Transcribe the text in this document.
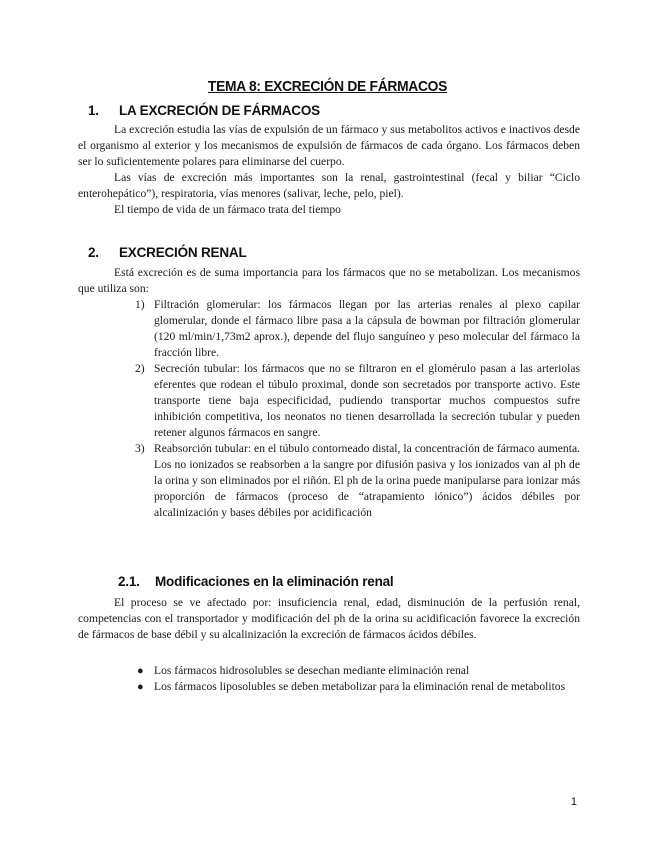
TEMA 8: EXCRECIÓN DE FÁRMACOS
1.	LA EXCRECIÓN DE FÁRMACOS

La excreción estudia las vías de expulsión de un fármaco y sus metabolitos activos e inactivos desde el organismo al exterior y los mecanismos de expulsión de fármacos de cada órgano. Los fármacos deben ser lo suficientemente polares para eliminarse del cuerpo.

Las vías de excreción más importantes son la renal, gastrointestinal (fecal y biliar “Ciclo enterohepático”), respiratoria, vías menores (salivar, leche, pelo, piel).

El tiempo de vida de un fármaco trata del tiempo

2.	EXCRECIÓN RENAL

Está excreción es de suma importancia para los fármacos que no se metabolizan. Los mecanismos que utiliza son:

1) Filtración glomerular: los fármacos llegan por las arterias renales al plexo capilar glomerular, donde el fármaco libre pasa a la cápsula de bowman por filtración glomerular (120 ml/min/1,73m2 aprox.), depende del flujo sanguíneo y peso molecular del fármaco la fracción libre.
2) Secreción tubular: los fármacos que no se filtraron en el glomérulo pasan a las arteriolas eferentes que rodean el túbulo proximal, donde son secretados por transporte activo. Este transporte tiene baja especificidad, pudiendo transportar muchos compuestos sufre inhibición competitiva, los neonatos no tienen desarrollada la secreción tubular y pueden retener algunos fármacos en sangre.
3) Reabsorción tubular: en el túbulo contorneado distal, la concentración de fármaco aumenta. Los no ionizados se reabsorben a la sangre por difusión pasiva y los ionizados van al ph de la orina y son eliminados por el riñón. El ph de la orina puede manipularse para ionizar más proporción de fármacos (proceso de “atrapamiento iónico”) ácidos débiles por alcalinización y bases débiles por acidificación
2.1.	Modificaciones en la eliminación renal

El proceso se ve afectado por: insuficiencia renal, edad, disminución de la perfusión renal, competencias con el transportador y modificación del ph de la orina su acidificación favorece la excreción de fármacos de base débil y su alcalinización la excreción de fármacos ácidos débiles.

● Los fármacos hidrosolubles se desechan mediante eliminación renal
● Los fármacos liposolubles se deben metabolizar para la eliminación renal de metabolitos
1
